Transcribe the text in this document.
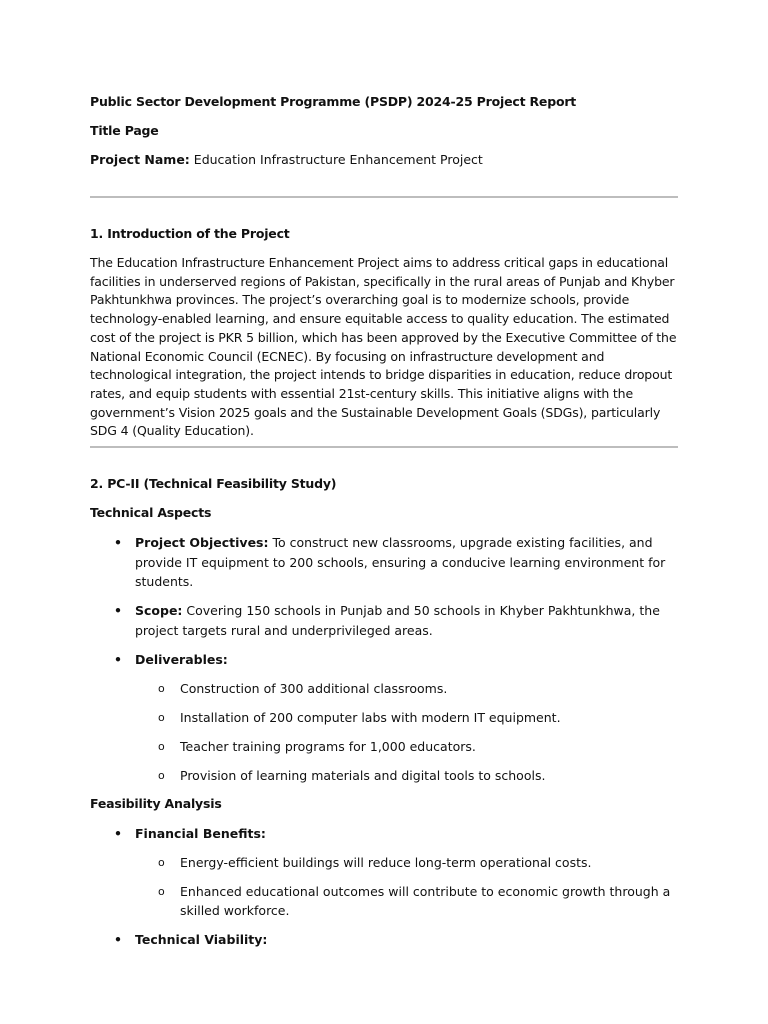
Public Sector Development Programme (PSDP) 2024-25 Project Report

Title Page

Project Name: Education Infrastructure Enhancement Project

1. Introduction of the Project

The Education Infrastructure Enhancement Project aims to address critical gaps in educational facilities in underserved regions of Pakistan, specifically in the rural areas of Punjab and Khyber Pakhtunkhwa provinces. The project’s overarching goal is to modernize schools, provide technology-enabled learning, and ensure equitable access to quality education. The estimated cost of the project is PKR 5 billion, which has been approved by the Executive Committee of the National Economic Council (ECNEC). By focusing on infrastructure development and technological integration, the project intends to bridge disparities in education, reduce dropout rates, and equip students with essential 21st-century skills. This initiative aligns with the government’s Vision 2025 goals and the Sustainable Development Goals (SDGs), particularly SDG 4 (Quality Education).

2. PC-II (Technical Feasibility Study)

Technical Aspects

• Project Objectives: To construct new classrooms, upgrade existing facilities, and provide IT equipment to 200 schools, ensuring a conducive learning environment for students.
• Scope: Covering 150 schools in Punjab and 50 schools in Khyber Pakhtunkhwa, the project targets rural and underprivileged areas.
• Deliverables:
o Construction of 300 additional classrooms.
o Installation of 200 computer labs with modern IT equipment.
o Teacher training programs for 1,000 educators.
o Provision of learning materials and digital tools to schools.

Feasibility Analysis

• Financial Benefits:
o Energy-efficient buildings will reduce long-term operational costs.
o Enhanced educational outcomes will contribute to economic growth through a skilled workforce.
• Technical Viability:
